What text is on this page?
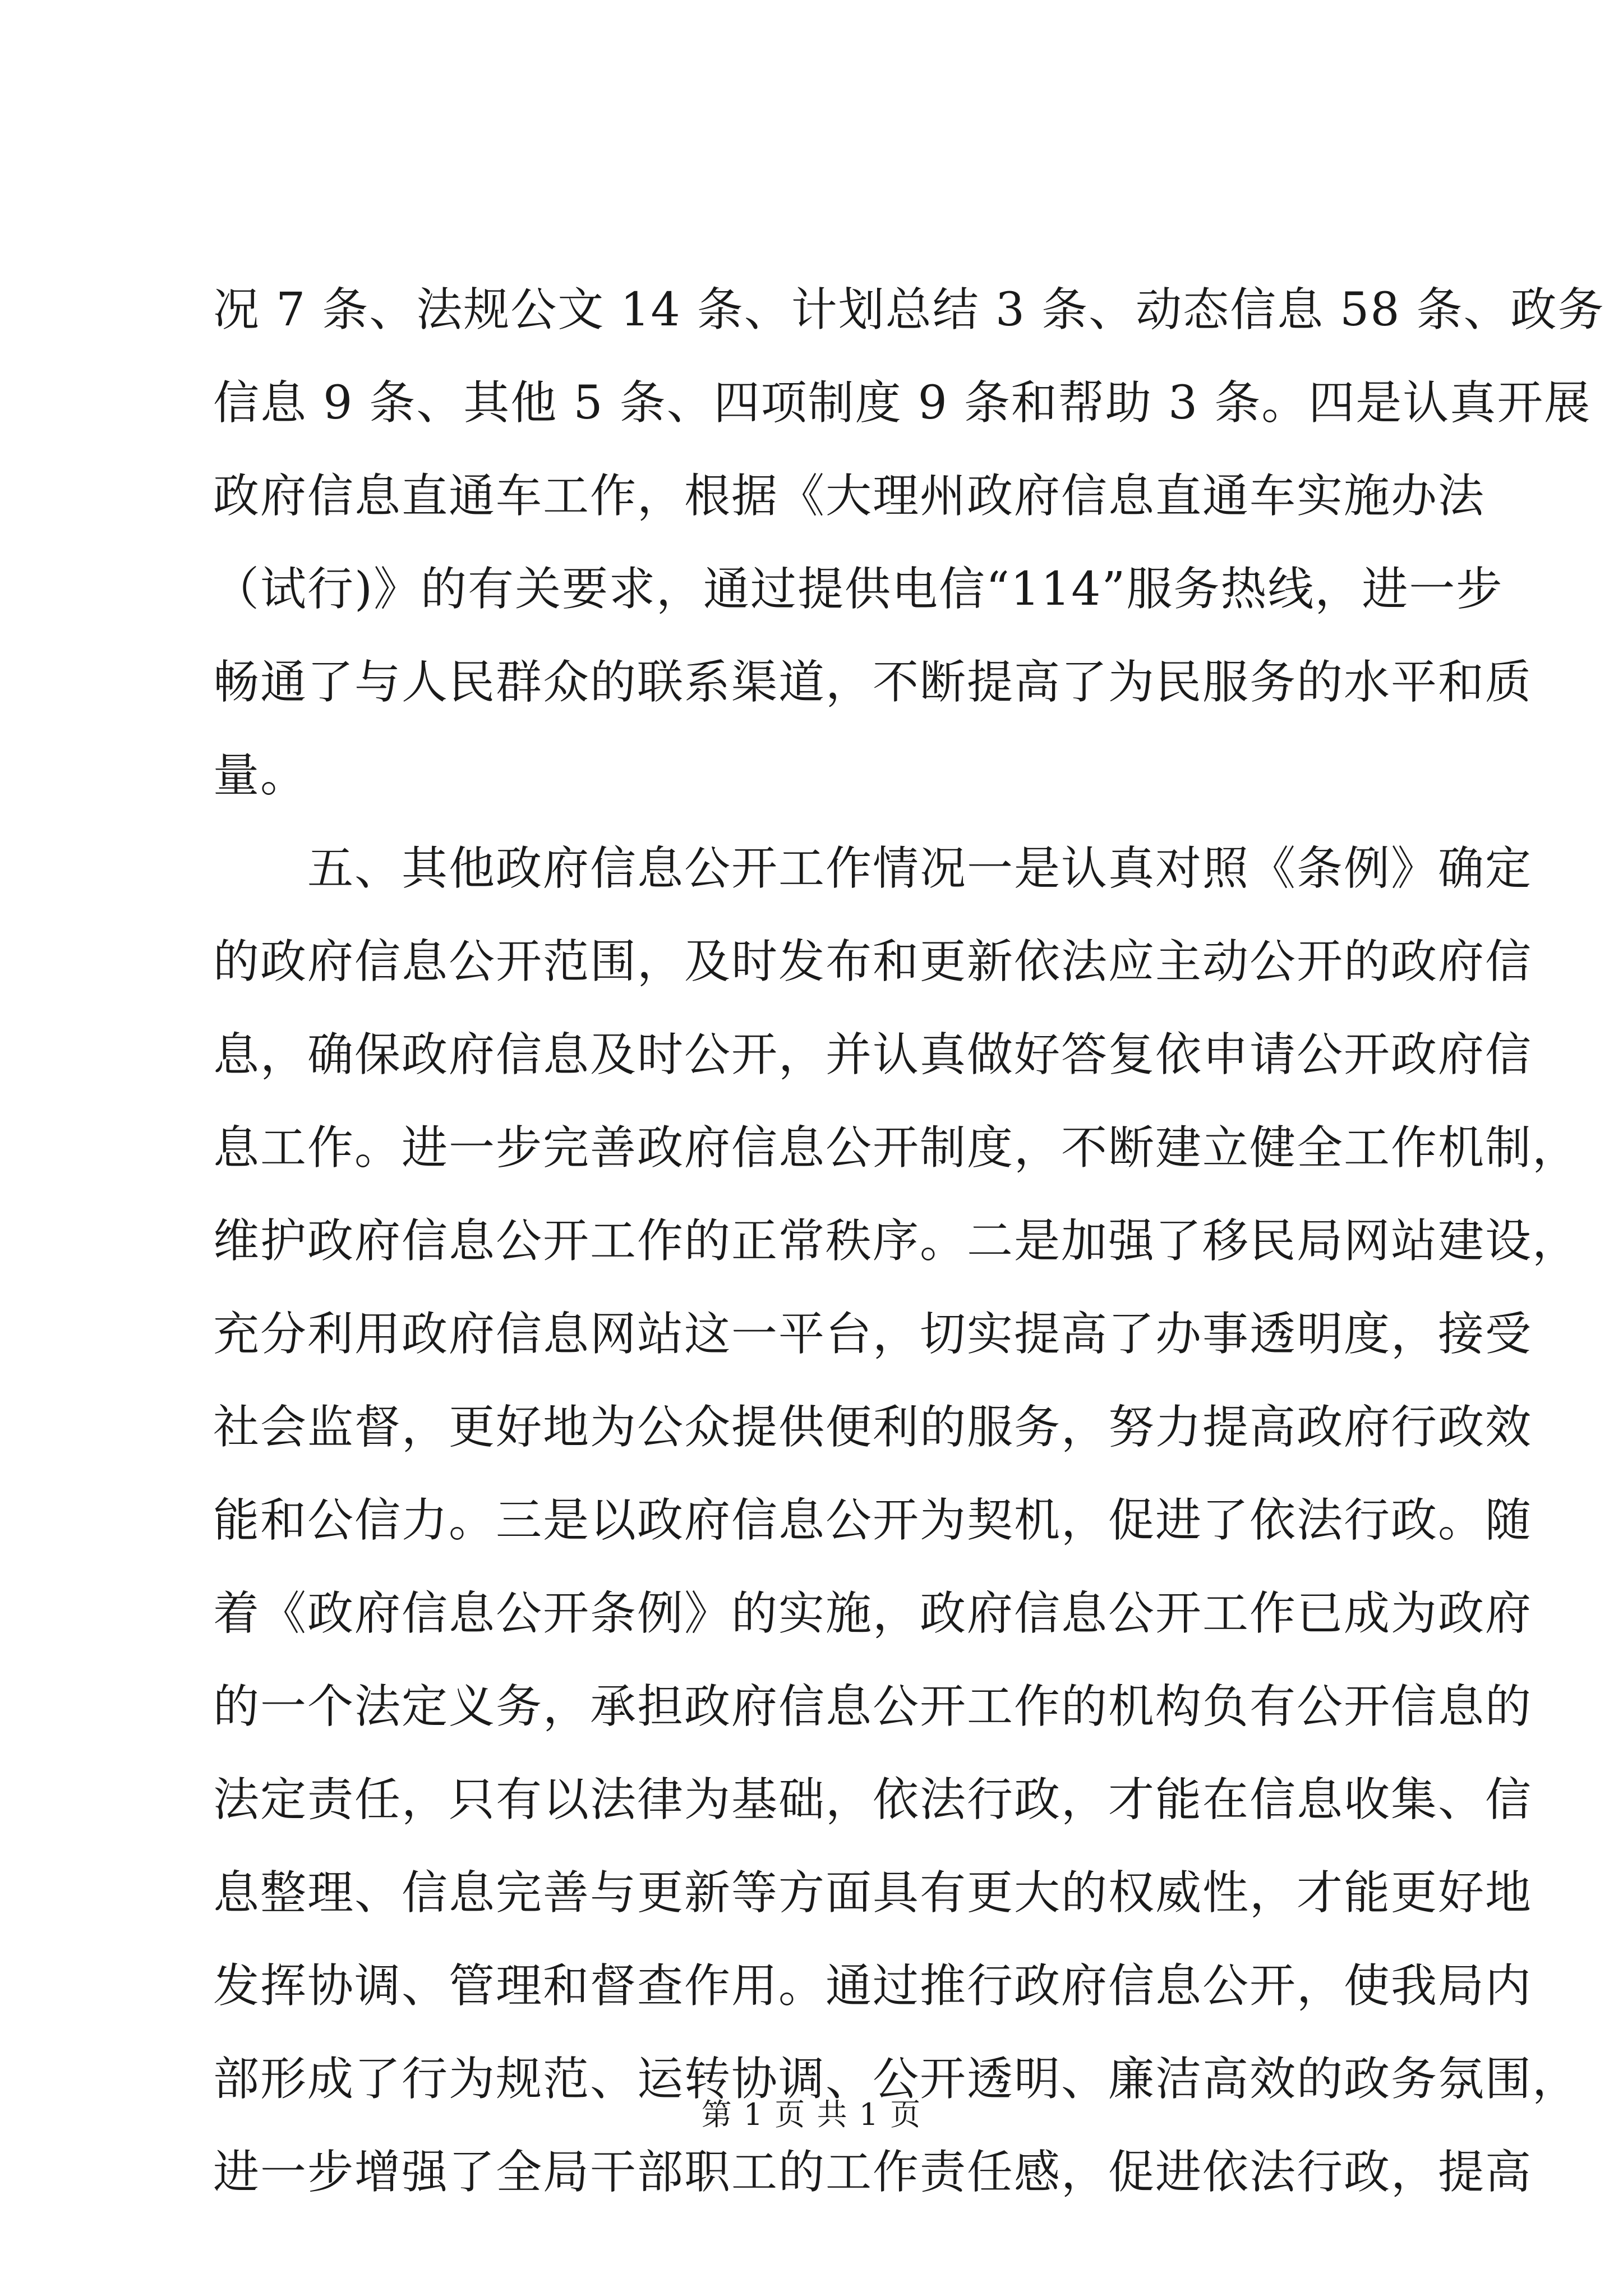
况 7 条、法规公文 14 条、计划总结 3 条、动态信息 58 条、政务
信息 9 条、其他 5 条、四项制度 9 条和帮助 3 条。四是认真开展
政府信息直通车工作，根据《大理州政府信息直通车实施办法
（试行)》的有关要求，通过提供电信“114”服务热线，进一步
畅通了与人民群众的联系渠道，不断提高了为民服务的水平和质
量。
　　五、其他政府信息公开工作情况一是认真对照《条例》确定
的政府信息公开范围，及时发布和更新依法应主动公开的政府信
息，确保政府信息及时公开，并认真做好答复依申请公开政府信
息工作。进一步完善政府信息公开制度，不断建立健全工作机制，
维护政府信息公开工作的正常秩序。二是加强了移民局网站建设，
充分利用政府信息网站这一平台，切实提高了办事透明度，接受
社会监督，更好地为公众提供便利的服务，努力提高政府行政效
能和公信力。三是以政府信息公开为契机，促进了依法行政。随
着《政府信息公开条例》的实施，政府信息公开工作已成为政府
的一个法定义务，承担政府信息公开工作的机构负有公开信息的
法定责任，只有以法律为基础，依法行政，才能在信息收集、信
息整理、信息完善与更新等方面具有更大的权威性，才能更好地
发挥协调、管理和督查作用。通过推行政府信息公开，使我局内
部形成了行为规范、运转协调、公开透明、廉洁高效的政务氛围，
进一步增强了全局干部职工的工作责任感，促进依法行政，提高
第 1 页 共 1 页
